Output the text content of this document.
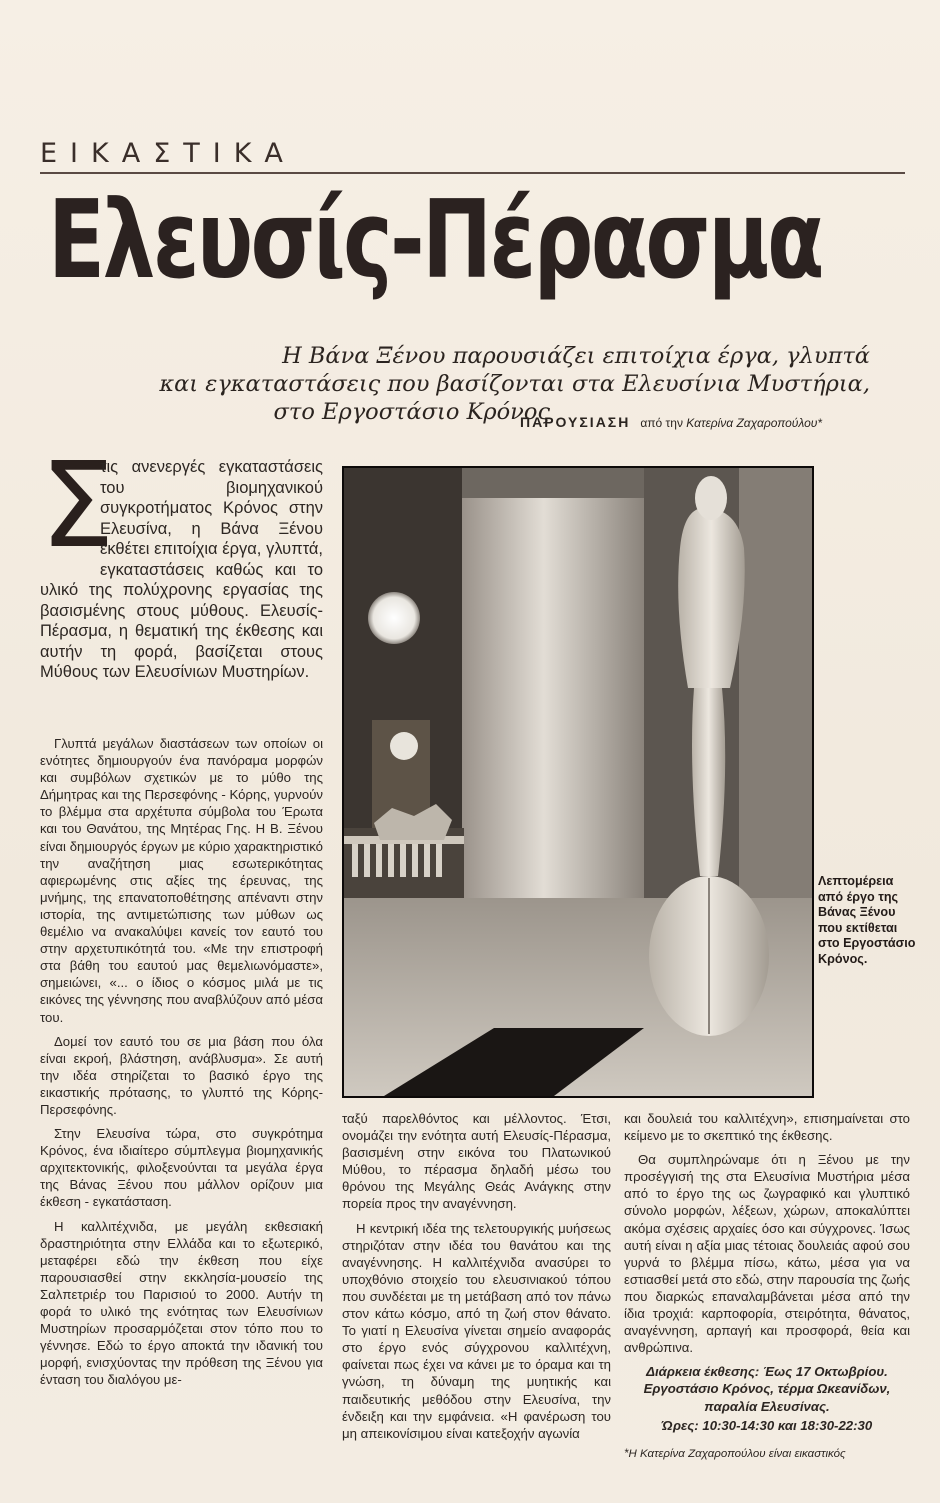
ΕΙΚΑΣΤΙΚΑ
Ελευσίς-Πέρασμα
Η Βάνα Ξένου παρουσιάζει επιτοίχια έργα, γλυπτά
και εγκαταστάσεις που βασίζονται στα Ελευσίνια Μυστήρια,
στο Εργοστάσιο Κρόνος
ΠΑΡΟΥΣΙΑΣΗ από την Κατερίνα Ζαχαροπούλου*
Σ
τις ανενεργές εγκαταστάσεις του βιομηχανικού συγκροτήματος Κρόνος στην Ελευσίνα, η Βάνα Ξένου εκθέτει επιτοίχια έργα, γλυπτά, εγκαταστάσεις καθώς και το υλικό της πολύχρονης εργασίας της βασισμένης στους μύθους. Ελευσίς-Πέρασμα, η θεματική της έκθεσης και αυτήν τη φορά, βασίζεται στους Μύθους των Ελευσίνιων Μυστηρίων.

Γλυπτά μεγάλων διαστάσεων των οποίων οι ενότητες δημιουργούν ένα πανόραμα μορφών και συμβόλων σχετικών με το μύθο της Δήμητρας και της Περσεφόνης - Κόρης, γυρνούν το βλέμμα στα αρχέτυπα σύμβολα του Έρωτα και του Θανάτου, της Μητέρας Γης. Η Β. Ξένου είναι δημιουργός έργων με κύριο χαρακτηριστικό την αναζήτηση μιας εσωτερικότητας αφιερωμένης στις αξίες της έρευνας, της μνήμης, της επανατοποθέτησης απέναντι στην ιστορία, της αντιμετώπισης των μύθων ως θεμέλιο να ανακαλύψει κανείς τον εαυτό του στην αρχετυπικότητά του. «Με την επιστροφή στα βάθη του εαυτού μας θεμελιωνόμαστε», σημειώνει, «... ο ίδιος ο κόσμος μιλά με τις εικόνες της γέννησης που αναβλύζουν από μέσα του.

Δομεί τον εαυτό του σε μια βάση που όλα είναι εκροή, βλάστηση, ανάβλυσμα». Σε αυτή την ιδέα στηρίζεται το βασικό έργο της εικαστικής πρότασης, το γλυπτό της Κόρης-Περσεφόνης.

Στην Ελευσίνα τώρα, στο συγκρότημα Κρόνος, ένα ιδιαίτερο σύμπλεγμα βιομηχανικής αρχιτεκτονικής, φιλοξενούνται τα μεγάλα έργα της Βάνας Ξένου που μάλλον ορίζουν μια έκθεση - εγκατάσταση.

Η καλλιτέχνιδα, με μεγάλη εκθεσιακή δραστηριότητα στην Ελλάδα και το εξωτερικό, μεταφέρει εδώ την έκθεση που είχε παρουσιασθεί στην εκκλησία-μουσείο της Σαλπετριέρ του Παρισιού το 2000. Αυτήν τη φορά το υλικό της ενότητας των Ελευσίνιων Μυστηρίων προσαρμόζεται στον τόπο που το γέννησε. Εδώ το έργο αποκτά την ιδανική του μορφή, ενισχύοντας την πρόθεση της Ξένου για ένταση του διαλόγου με-

Λεπτομέρεια από έργο της Βάνας Ξένου που εκτίθεται στο Εργοστάσιο Κρόνος.

ταξύ παρελθόντος και μέλλοντος. Έτσι, ονομάζει την ενότητα αυτή Ελευσίς-Πέρασμα, βασισμένη στην εικόνα του Πλατωνικού Μύθου, το πέρασμα δηλαδή μέσω του θρόνου της Μεγάλης Θεάς Ανάγκης στην πορεία προς την αναγέννηση.

Η κεντρική ιδέα της τελετουργικής μυήσεως στηριζόταν στην ιδέα του θανάτου και της αναγέννησης. Η καλλιτέχνιδα ανασύρει το υποχθόνιο στοιχείο του ελευσινιακού τόπου που συνδέεται με τη μετάβαση από τον πάνω στον κάτω κόσμο, από τη ζωή στον θάνατο. Το γιατί η Ελευσίνα γίνεται σημείο αναφοράς στο έργο ενός σύγχρονου καλλιτέχνη, φαίνεται πως έχει να κάνει με το όραμα και τη γνώση, τη δύναμη της μυητικής και παιδευτικής μεθόδου στην Ελευσίνα, την ένδειξη και την εμφάνεια. «Η φανέρωση του μη απεικονίσιμου είναι κατεξοχήν αγωνία

και δουλειά του καλλιτέχνη», επισημαίνεται στο κείμενο με το σκεπτικό της έκθεσης.

Θα συμπληρώναμε ότι η Ξένου με την προσέγγισή της στα Ελευσίνια Μυστήρια μέσα από το έργο της ως ζωγραφικό και γλυπτικό σύνολο μορφών, λέξεων, χώρων, αποκαλύπτει ακόμα σχέσεις αρχαίες όσο και σύγχρονες. Ίσως αυτή είναι η αξία μιας τέτοιας δουλειάς αφού σου γυρνά το βλέμμα πίσω, κάτω, μέσα για να εστιασθεί μετά στο εδώ, στην παρουσία της ζωής που διαρκώς επαναλαμβάνεται μέσα από την ίδια τροχιά: καρποφορία, στειρότητα, θάνατος, αναγέννηση, αρπαγή και προσφορά, θεία και ανθρώπινα.

Διάρκεια έκθεσης: Έως 17 Οκτωβρίου. Εργοστάσιο Κρόνος, τέρμα Ωκεανίδων, παραλία Ελευσίνας.
Ώρες: 10:30-14:30 και 18:30-22:30
*Η Κατερίνα Ζαχαροπούλου είναι εικαστικός
